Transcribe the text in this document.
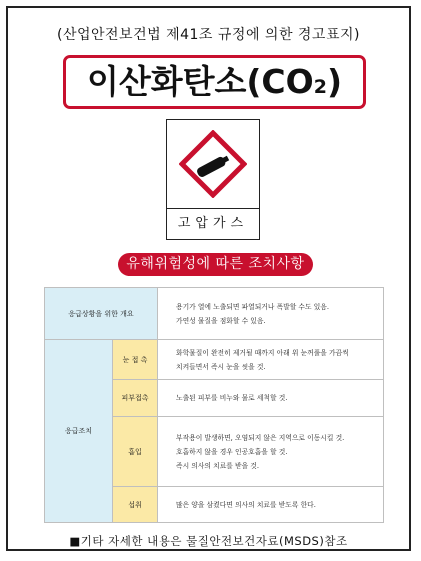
(산업안전보건법 제41조 규정에 의한 경고표지)
이산화탄소(CO2)
고압가스
유해위험성에 따른 조치사항
응급상황을 위한 개요		용기가 열에 노출되면 파열되거나 폭발할 수도 있음.
가연성 물질을 점화할 수 있음.

응급조치	눈 접 촉	화학물질이 완전히 제거될 때까지 아래 위 눈꺼풀을 가끔씩
치켜들면서 즉시 눈을 씻을 것.

	피부접촉	노출된 피부를 비누와 물로 세척할 것.

	흡입	부작용이 발생하면, 오염되지 않은 지역으로 이동시킬 것.
호흡하지 않을 경우 인공호흡을 할 것.
즉시 의사의 치료를 받을 것.

	섭취	많은 양을 삼켰다면 의사의 치료를 받도록 한다.
■기타 자세한 내용은 물질안전보건자료(MSDS)참조
